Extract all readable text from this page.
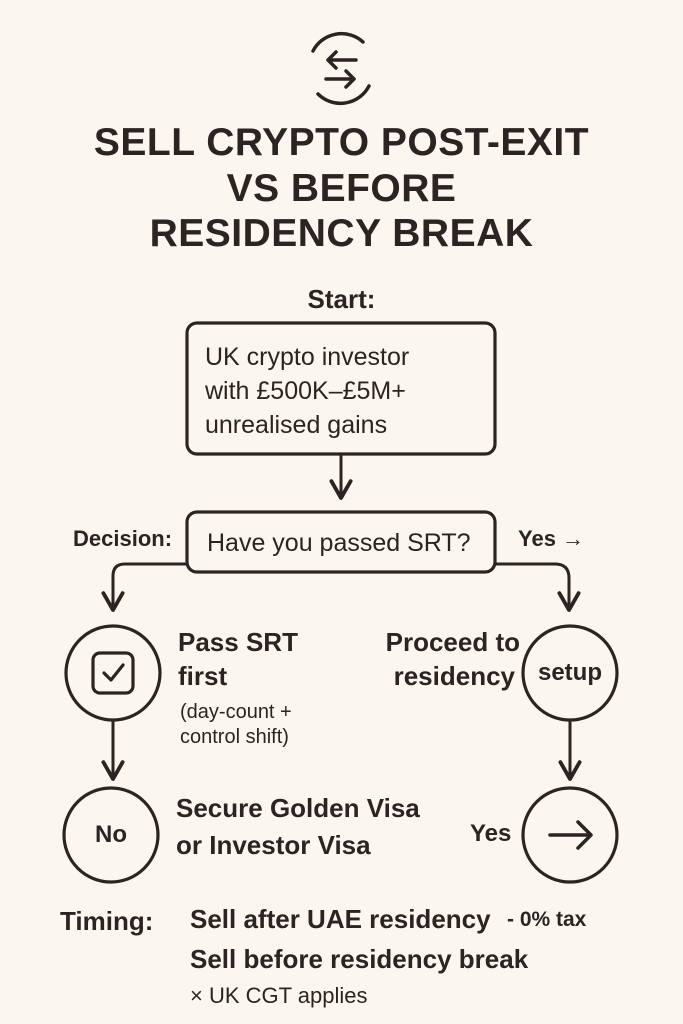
SELL CRYPTO POST-EXIT
VS BEFORE
RESIDENCY BREAK
Start:
UK crypto investor
with £500K–£5M+
unrealised gains
Decision: Have you passed SRT? Yes →
Pass SRT
first
(day-count +
control shift)
No
Secure Golden Visa
or Investor Visa
Proceed to
residency setup
Yes
Timing: Sell after UAE residency - 0% tax
Sell before residency break
× UK CGT applies
